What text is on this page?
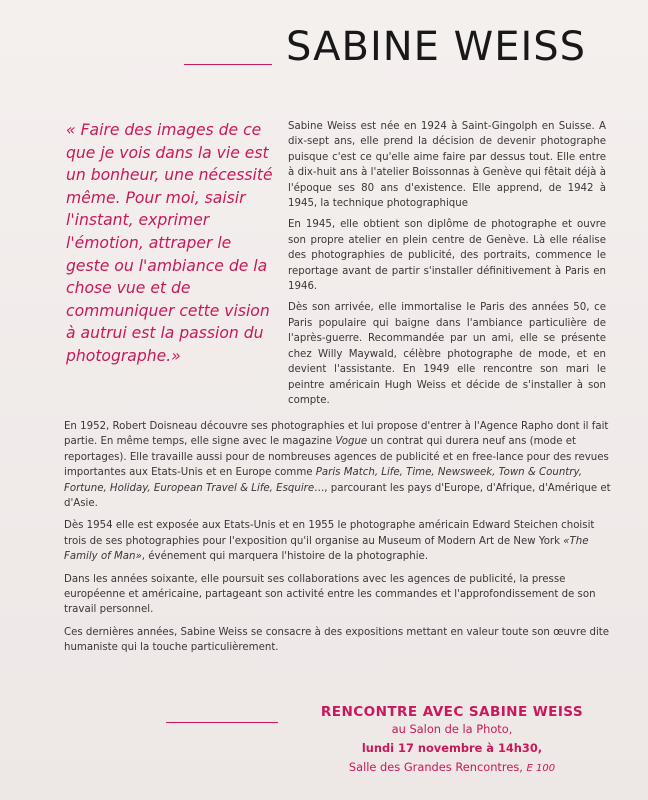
SABINE WEISS
« Faire des images de ce que je vois dans la vie est un bonheur, une nécessité même. Pour moi, saisir l'instant, exprimer l'émotion, attraper le geste ou l'ambiance de la chose vue et de communiquer cette vision à autrui est la passion du photographe.»

Sabine Weiss est née en 1924 à Saint-Gingolph en Suisse. A dix-sept ans, elle prend la décision de devenir photographe puisque c'est ce qu'elle aime faire par dessus tout. Elle entre à dix-huit ans à l'atelier Boissonnas à Genève qui fêtait déjà à l'époque ses 80 ans d'existence. Elle apprend, de 1942 à 1945, la technique photographique

En 1945, elle obtient son diplôme de photographe et ouvre son propre atelier en plein centre de Genève. Là elle réalise des photographies de publicité, des portraits, commence le reportage avant de partir s'installer définitivement à Paris en 1946.

Dès son arrivée, elle immortalise le Paris des années 50, ce Paris populaire qui baigne dans l'ambiance particulière de l'après-guerre. Recommandée par un ami, elle se présente chez Willy Maywald, célèbre photographe de mode, et en devient l'assistante. En 1949 elle rencontre son mari le peintre américain Hugh Weiss et décide de s'installer à son compte.

En 1952, Robert Doisneau découvre ses photographies et lui propose d'entrer à l'Agence Rapho dont il fait partie. En même temps, elle signe avec le magazine Vogue un contrat qui durera neuf ans (mode et reportages). Elle travaille aussi pour de nombreuses agences de publicité et en free-lance pour des revues importantes aux Etats-Unis et en Europe comme Paris Match, Life, Time, Newsweek, Town & Country, Fortune, Holiday, European Travel & Life, Esquire…, parcourant les pays d'Europe, d'Afrique, d'Amérique et d'Asie.

Dès 1954 elle est exposée aux Etats-Unis et en 1955 le photographe américain Edward Steichen choisit trois de ses photographies pour l'exposition qu'il organise au Museum of Modern Art de New York «The Family of Man», événement qui marquera l'histoire de la photographie.

Dans les années soixante, elle poursuit ses collaborations avec les agences de publicité, la presse européenne et américaine, partageant son activité entre les commandes et l'approfondissement de son travail personnel.

Ces dernières années, Sabine Weiss se consacre à des expositions mettant en valeur toute son œuvre dite humaniste qui la touche particulièrement.

RENCONTRE AVEC SABINE WEISS
au Salon de la Photo,
lundi 17 novembre à 14h30,
Salle des Grandes Rencontres, E 100
